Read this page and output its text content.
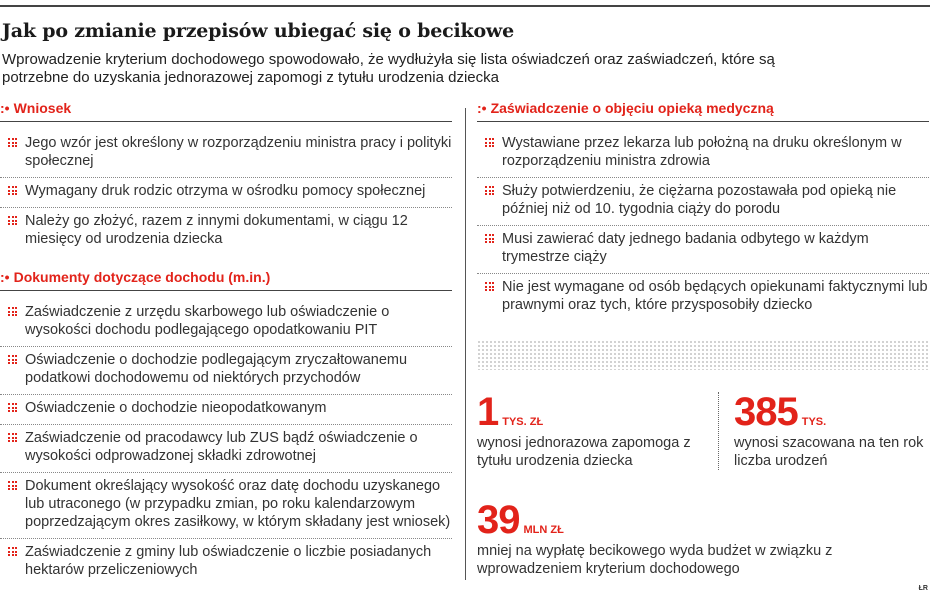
Jak po zmianie przepisów ubiegać się o becikowe
Wprowadzenie kryterium dochodowego spowodowało, że wydłużyła się lista oświadczeń oraz zaświadczeń, które są potrzebne do uzyskania jednorazowej zapomogi z tytułu urodzenia dziecka
:• Wniosek
Jego wzór jest określony w rozporządzeniu ministra pracy i polityki społecznej
Wymagany druk rodzic otrzyma w ośrodku pomocy społecznej
Należy go złożyć, razem z innymi dokumentami, w ciągu 12 miesięcy od urodzenia dziecka
:• Dokumenty dotyczące dochodu (m.in.)
Zaświadczenie z urzędu skarbowego lub oświadczenie o wysokości dochodu podlegającego opodatkowaniu PIT
Oświadczenie o dochodzie podlegającym zryczałtowanemu podatkowi dochodowemu od niektórych przychodów
Oświadczenie o dochodzie nieopodatkowanym
Zaświadczenie od pracodawcy lub ZUS bądź oświadczenie o wysokości odprowadzonej składki zdrowotnej
Dokument określający wysokość oraz datę dochodu uzyskanego lub utraconego (w przypadku zmian, po roku kalendarzowym poprzedzającym okres zasiłkowy, w którym składany jest wniosek)
Zaświadczenie z gminy lub oświadczenie o liczbie posiadanych hektarów przeliczeniowych
:• Zaświadczenie o objęciu opieką medyczną
Wystawiane przez lekarza lub położną na druku określonym w rozporządzeniu ministra zdrowia
Służy potwierdzeniu, że ciężarna pozostawała pod opieką nie później niż od 10. tygodnia ciąży do porodu
Musi zawierać daty jednego badania odbytego w każdym trymestrze ciąży
Nie jest wymagane od osób będących opiekunami faktycznymi lub prawnymi oraz tych, które przysposobiły dziecko
1 TYS. ZŁ
wynosi jednorazowa zapomoga z tytułu urodzenia dziecka
385 TYS.
wynosi szacowana na ten rok liczba urodzeń
39 MLN ZŁ
mniej na wypłatę becikowego wyda budżet w związku z wprowadzeniem kryterium dochodowego
ŁR
